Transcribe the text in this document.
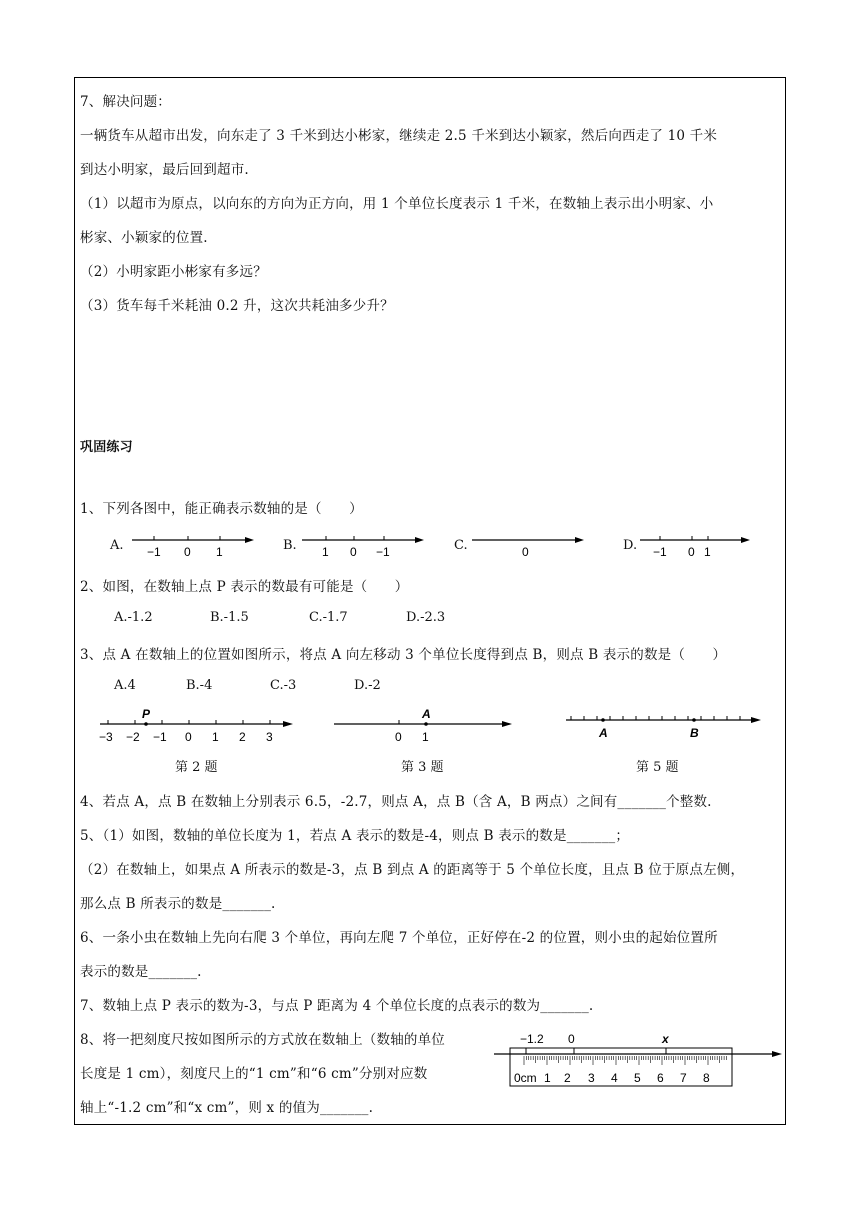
7、解决问题：
一辆货车从超市出发，向东走了 3 千米到达小彬家，继续走 2.5 千米到达小颖家，然后向西走了 10 千米
到达小明家，最后回到超市.
（1）以超市为原点，以向东的方向为正方向，用 1 个单位长度表示 1 千米，在数轴上表示出小明家、小
彬家、小颖家的位置.
（2）小明家距小彬家有多远？
（3）货车每千米耗油 0.2 升，这次共耗油多少升？
巩固练习
1、下列各图中，能正确表示数轴的是（　　）
A. −1 0 1	B. 1 0 −1	C.	0	D. −1 0 1
2、如图，在数轴上点 P 表示的数最有可能是（　　）
A.-1.2	B.-1.5	C.-1.7	D.-2.3
3、点 A 在数轴上的位置如图所示，将点 A 向左移动 3 个单位长度得到点 B，则点 B 表示的数是（　　）
A.4	B.-4	C.-3	D.-2
P
−3 −2 −1 0 1 2 3
第 2 题
A
0 1
第 3 题
A	B
第 5 题
4、若点 A，点 B 在数轴上分别表示 6.5，-2.7，则点 A，点 B（含 A，B 两点）之间有_______个整数.
5、（1）如图，数轴的单位长度为 1，若点 A 表示的数是-4，则点 B 表示的数是_______；
（2）在数轴上，如果点 A 所表示的数是-3，点 B 到点 A 的距离等于 5 个单位长度，且点 B 位于原点左侧，
那么点 B 所表示的数是_______.
6、一条小虫在数轴上先向右爬 3 个单位，再向左爬 7 个单位，正好停在-2 的位置，则小虫的起始位置所
表示的数是_______.
7、数轴上点 P 表示的数为-3，与点 P 距离为 4 个单位长度的点表示的数为_______.
8、将一把刻度尺按如图所示的方式放在数轴上（数轴的单位
长度是 1 cm），刻度尺上的“1 cm”和“6 cm”分别对应数
轴上“-1.2 cm”和“x cm”，则 x 的值为_______.
−1.2 0	x
0cm 1 2 3 4 5 6 7 8
